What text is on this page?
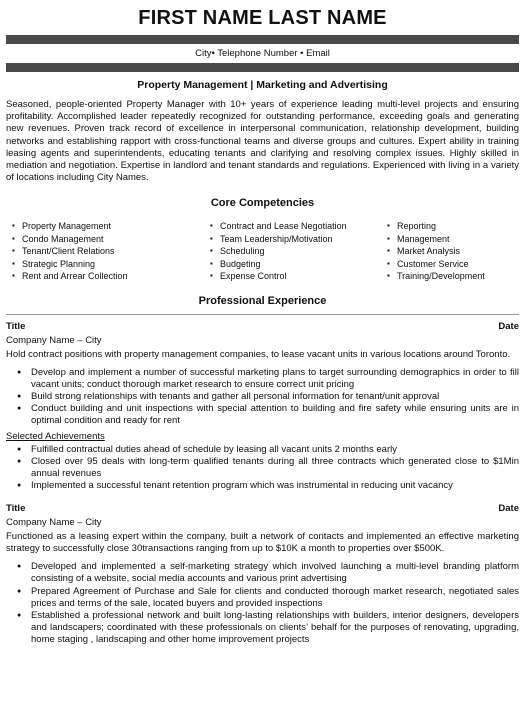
FIRST NAME LAST NAME
City• Telephone Number • Email
Property Management | Marketing and Advertising

Seasoned, people-oriented Property Manager with 10+ years of experience leading multi-level projects and ensuring profitability. Accomplished leader repeatedly recognized for outstanding performance, exceeding goals and generating new revenues. Proven track record of excellence in interpersonal communication, relationship development, building networks and establishing rapport with cross-functional teams and diverse groups and cultures. Expert ability in training leasing agents and superintendents, educating tenants and clarifying and resolving complex issues. Highly skilled in mediation and negotiation. Expertise in landlord and tenant standards and regulations. Experienced with living in a variety of locations including City Names.

Core Competencies
▪ Property Management
▪ Condo Management
▪ Tenant/Client Relations
▪ Strategic Planning
▪ Rent and Arrear Collection
▪ Contract and Lease Negotiation
▪ Team Leadership/Motivation
▪ Scheduling
▪ Budgeting
▪ Expense Control
▪ Reporting
▪ Management
▪ Market Analysis
▪ Customer Service
▪ Training/Development
Professional Experience
Title	Date
Company Name – City

Hold contract positions with property management companies, to lease vacant units in various locations around Toronto.

● Develop and implement a number of successful marketing plans to target surrounding demographics in order to fill vacant units; conduct thorough market research to ensure correct unit pricing
● Build strong relationships with tenants and gather all personal information for tenant/unit approval
● Conduct building and unit inspections with special attention to building and fire safety while ensuring units are in optimal condition and ready for rent
Selected Achievements
● Fulfilled contractual duties ahead of schedule by leasing all vacant units 2 months early
● Closed over 95 deals with long-term qualified tenants during all three contracts which generated close to $1Min annual revenues
● Implemented a successful tenant retention program which was instrumental in reducing unit vacancy
Title	Date
Company Name – City

Functioned as a leasing expert within the company, built a network of contacts and implemented an effective marketing strategy to successfully close 30transactions ranging from up to $10K a month to properties over $500K.

● Developed and implemented a self-marketing strategy which involved launching a multi-level branding platform consisting of a website, social media accounts and various print advertising
● Prepared Agreement of Purchase and Sale for clients and conducted thorough market research, negotiated sales prices and terms of the sale, located buyers and provided inspections
● Established a professional network and built long-lasting relationships with builders, interior designers, developers and landscapers; coordinated with these professionals on clients’ behalf for the purposes of renovating, upgrading, home staging , landscaping and other home improvement projects
